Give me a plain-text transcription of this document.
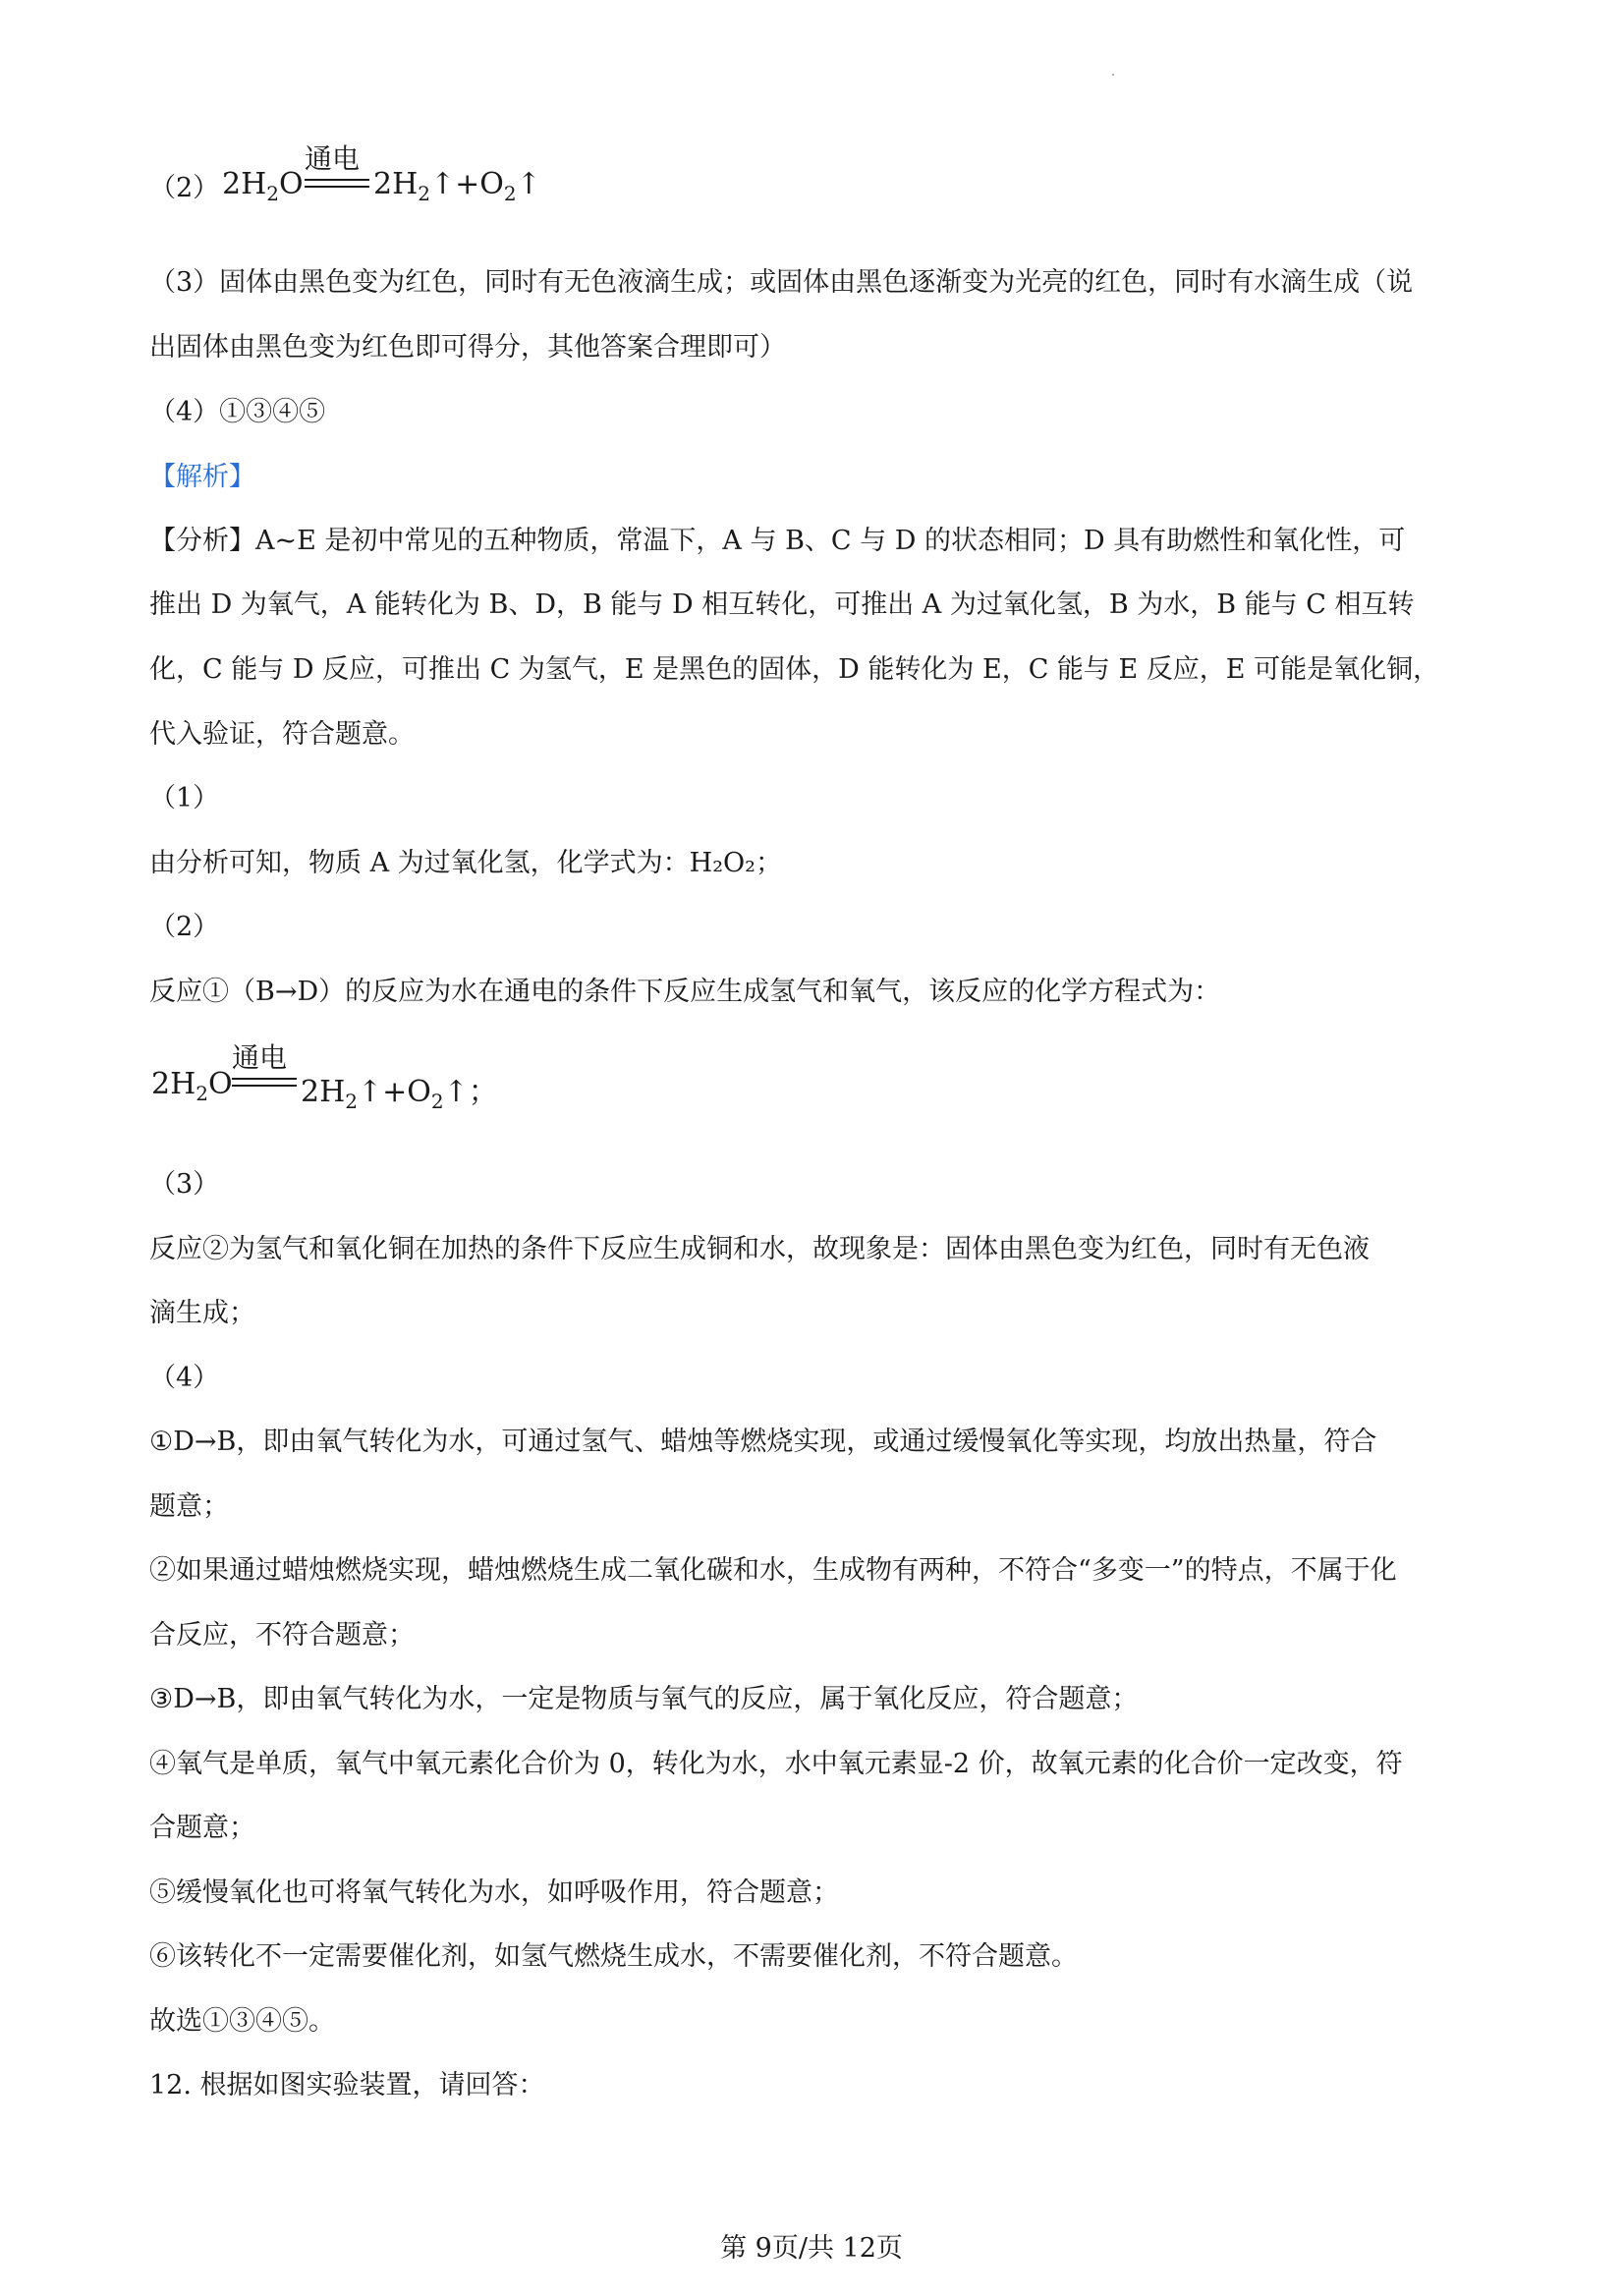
（2）
通电
$2H_2O$ $2H_2↑+O_2↑$
（3）固体由黑色变为红色，同时有无色液滴生成；或固体由黑色逐渐变为光亮的红色，同时有水滴生成（说
出固体由黑色变为红色即可得分，其他答案合理即可）
（4）①③④⑤
【解析】
【分析】A~E 是初中常见的五种物质，常温下，A 与 B、C 与 D 的状态相同；D 具有助燃性和氧化性，可
推出 D 为氧气，A 能转化为 B、D，B 能与 D 相互转化，可推出 A 为过氧化氢，B 为水，B 能与 C 相互转
化，C 能与 D 反应，可推出 C 为氢气，E 是黑色的固体，D 能转化为 E，C 能与 E 反应，E 可能是氧化铜，
代入验证，符合题意。
（1）
由分析可知，物质 A 为过氧化氢，化学式为：H₂O₂；
（2）
反应①（B→D）的反应为水在通电的条件下反应生成氢气和氧气，该反应的化学方程式为：
通电
$2H_2O$ $2H_2↑+O_2↑$；
（3）
反应②为氢气和氧化铜在加热的条件下反应生成铜和水，故现象是：固体由黑色变为红色，同时有无色液
滴生成；
（4）
①D→B，即由氧气转化为水，可通过氢气、蜡烛等燃烧实现，或通过缓慢氧化等实现，均放出热量，符合
题意；
②如果通过蜡烛燃烧实现，蜡烛燃烧生成二氧化碳和水，生成物有两种，不符合“多变一”的特点，不属于化
合反应，不符合题意；
③D→B，即由氧气转化为水，一定是物质与氧气的反应，属于氧化反应，符合题意；
④氧气是单质，氧气中氧元素化合价为 0，转化为水，水中氧元素显-2 价，故氧元素的化合价一定改变，符
合题意；
⑤缓慢氧化也可将氧气转化为水，如呼吸作用，符合题意；
⑥该转化不一定需要催化剂，如氢气燃烧生成水，不需要催化剂，不符合题意。
故选①③④⑤。
12. 根据如图实验装置，请回答：
第 9页/共 12页
